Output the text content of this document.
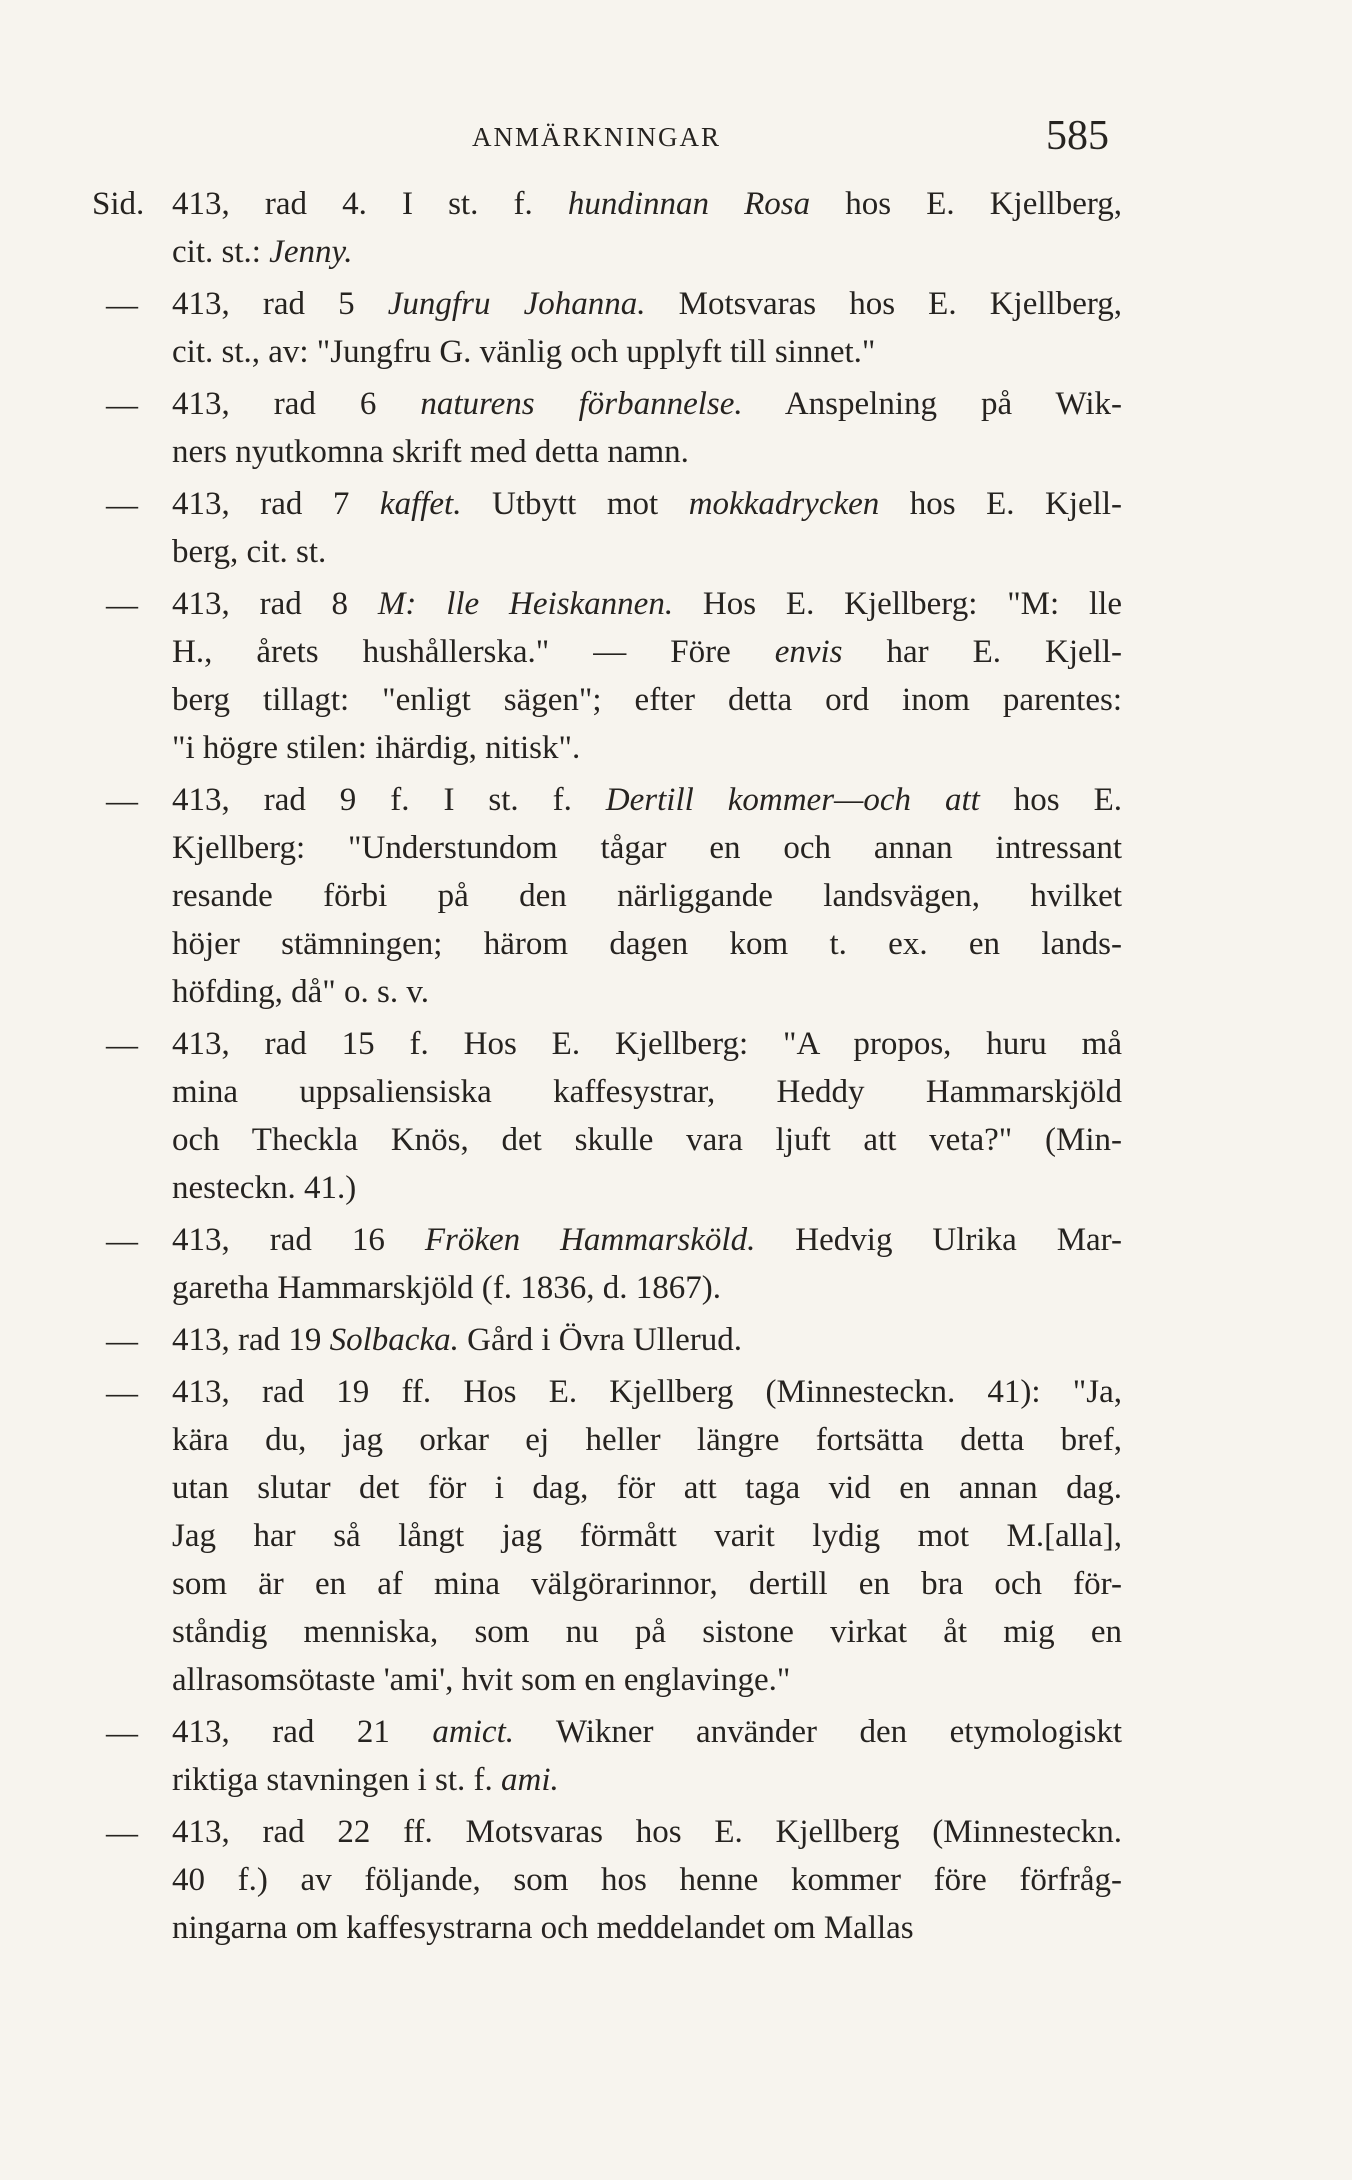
ANMÄRKNINGAR	585
Sid. 413, rad 4. I st. f. hundinnan Rosa hos E. Kjellberg,
cit. st.: Jenny.
— 413, rad 5 Jungfru Johanna. Motsvaras hos E. Kjellberg,
cit. st., av: "Jungfru G. vänlig och upplyft till sinnet."
— 413, rad 6 naturens förbannelse. Anspelning på Wik-
ners nyutkomna skrift med detta namn.
— 413, rad 7 kaffet. Utbytt mot mokkadrycken hos E. Kjell-
berg, cit. st.
— 413, rad 8 M: lle Heiskannen. Hos E. Kjellberg: "M: lle
H., årets hushållerska." — Före envis har E. Kjell-
berg tillagt: "enligt sägen"; efter detta ord inom parentes:
"i högre stilen: ihärdig, nitisk".
— 413, rad 9 f. I st. f. Dertill kommer—och att hos E.
Kjellberg: "Understundom tågar en och annan intressant
resande förbi på den närliggande landsvägen, hvilket
höjer stämningen; härom dagen kom t. ex. en lands-
höfding, då" o. s. v.
— 413, rad 15 f. Hos E. Kjellberg: "A propos, huru må
mina uppsaliensiska kaffesystrar, Heddy Hammarskjöld
och Theckla Knös, det skulle vara ljuft att veta?" (Min-
nesteckn. 41.)
— 413, rad 16 Fröken Hammarsköld. Hedvig Ulrika Mar-
garetha Hammarskjöld (f. 1836, d. 1867).
— 413, rad 19 Solbacka. Gård i Övra Ullerud.
— 413, rad 19 ff. Hos E. Kjellberg (Minnesteckn. 41): "Ja,
kära du, jag orkar ej heller längre fortsätta detta bref,
utan slutar det för i dag, för att taga vid en annan dag.
Jag har så långt jag förmått varit lydig mot M.[alla],
som är en af mina välgörarinnor, dertill en bra och för-
ståndig menniska, som nu på sistone virkat åt mig en
allrasomsötaste 'ami', hvit som en englavinge."
— 413, rad 21 amict. Wikner använder den etymologiskt
riktiga stavningen i st. f. ami.
— 413, rad 22 ff. Motsvaras hos E. Kjellberg (Minnesteckn.
40 f.) av följande, som hos henne kommer före förfråg-
ningarna om kaffesystrarna och meddelandet om Mallas
